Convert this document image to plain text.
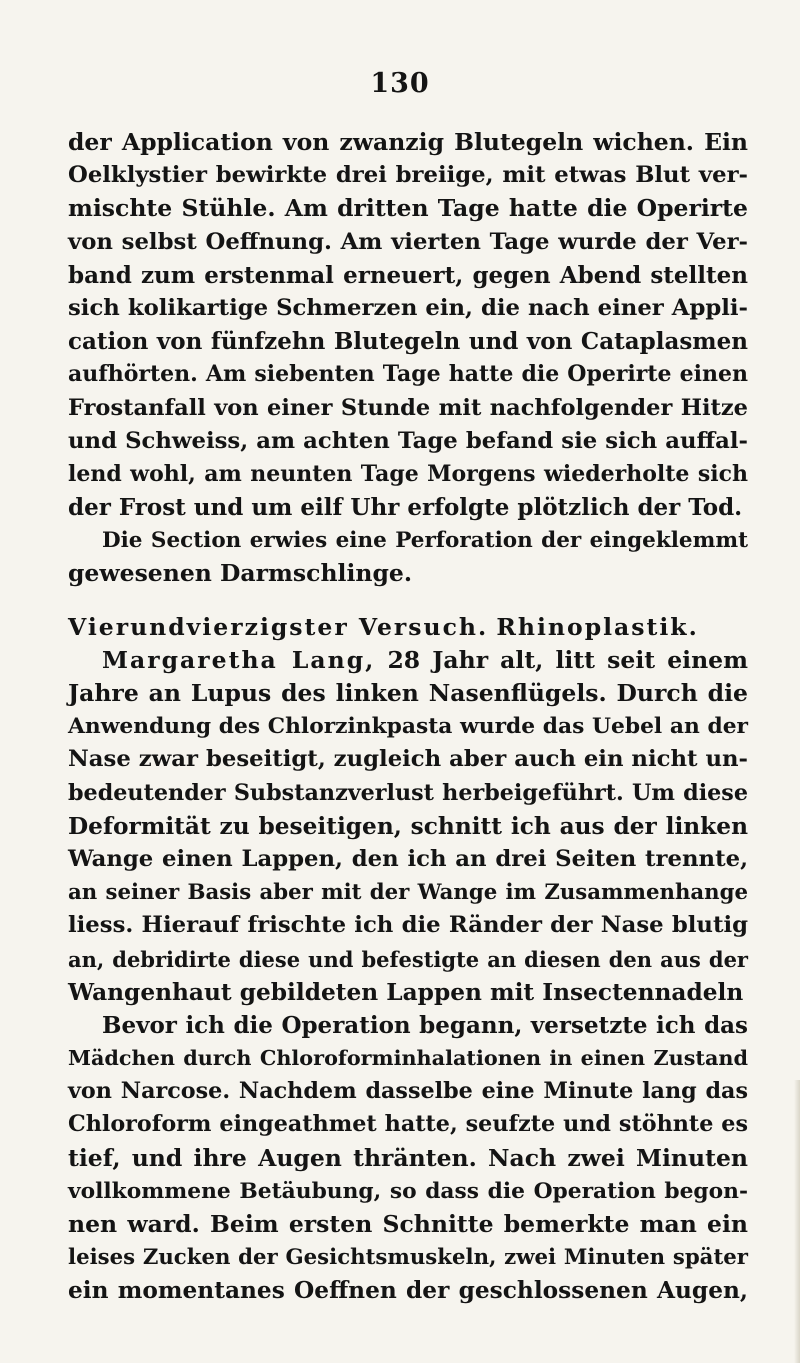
130
der Application von zwanzig Blutegeln wichen. Ein
Oelklystier bewirkte drei breiige, mit etwas Blut ver-
mischte Stühle. Am dritten Tage hatte die Operirte
von selbst Oeffnung. Am vierten Tage wurde der Ver-
band zum erstenmal erneuert, gegen Abend stellten
sich kolikartige Schmerzen ein, die nach einer Appli-
cation von fünfzehn Blutegeln und von Cataplasmen
aufhörten. Am siebenten Tage hatte die Operirte einen
Frostanfall von einer Stunde mit nachfolgender Hitze
und Schweiss, am achten Tage befand sie sich auffal-
lend wohl, am neunten Tage Morgens wiederholte sich
der Frost und um eilf Uhr erfolgte plötzlich der Tod.
Die Section erwies eine Perforation der eingeklemmt
gewesenen Darmschlinge.
Vierundvierzigster Versuch. Rhinoplastik.
Margaretha Lang, 28 Jahr alt, litt seit einem
Jahre an Lupus des linken Nasenflügels. Durch die
Anwendung des Chlorzinkpasta wurde das Uebel an der
Nase zwar beseitigt, zugleich aber auch ein nicht un-
bedeutender Substanzverlust herbeigeführt. Um diese
Deformität zu beseitigen, schnitt ich aus der linken
Wange einen Lappen, den ich an drei Seiten trennte,
an seiner Basis aber mit der Wange im Zusammenhange
liess. Hierauf frischte ich die Ränder der Nase blutig
an, debridirte diese und befestigte an diesen den aus der
Wangenhaut gebildeten Lappen mit Insectennadeln
Bevor ich die Operation begann, versetzte ich das
Mädchen durch Chloroforminhalationen in einen Zustand
von Narcose. Nachdem dasselbe eine Minute lang das
Chloroform eingeathmet hatte, seufzte und stöhnte es
tief, und ihre Augen thränten. Nach zwei Minuten
vollkommene Betäubung, so dass die Operation begon-
nen ward. Beim ersten Schnitte bemerkte man ein
leises Zucken der Gesichtsmuskeln, zwei Minuten später
ein momentanes Oeffnen der geschlossenen Augen,
